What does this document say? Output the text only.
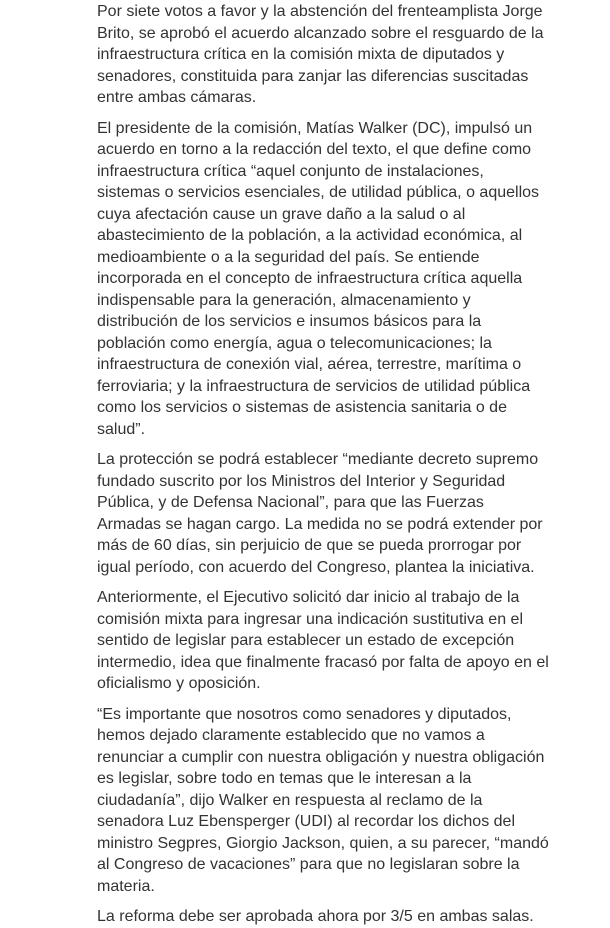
Por siete votos a favor y la abstención del frenteamplista Jorge Brito, se aprobó el acuerdo alcanzado sobre el resguardo de la infraestructura crítica en la comisión mixta de diputados y senadores, constituida para zanjar las diferencias suscitadas entre ambas cámaras.

El presidente de la comisión, Matías Walker (DC), impulsó un acuerdo en torno a la redacción del texto, el que define como infraestructura crítica “aquel conjunto de instalaciones, sistemas o servicios esenciales, de utilidad pública, o aquellos cuya afectación cause un grave daño a la salud o al abastecimiento de la población, a la actividad económica, al medioambiente o a la seguridad del país. Se entiende incorporada en el concepto de infraestructura crítica aquella indispensable para la generación, almacenamiento y distribución de los servicios e insumos básicos para la población como energía, agua o telecomunicaciones; la infraestructura de conexión vial, aérea, terrestre, marítima o ferroviaria; y la infraestructura de servicios de utilidad pública como los servicios o sistemas de asistencia sanitaria o de salud”.

La protección se podrá establecer “mediante decreto supremo fundado suscrito por los Ministros del Interior y Seguridad Pública, y de Defensa Nacional”, para que las Fuerzas Armadas se hagan cargo. La medida no se podrá extender por más de 60 días, sin perjuicio de que se pueda prorrogar por igual período, con acuerdo del Congreso, plantea la iniciativa.

Anteriormente, el Ejecutivo solicitó dar inicio al trabajo de la comisión mixta para ingresar una indicación sustitutiva en el sentido de legislar para establecer un estado de excepción intermedio, idea que finalmente fracasó por falta de apoyo en el oficialismo y oposición.

“Es importante que nosotros como senadores y diputados, hemos dejado claramente establecido que no vamos a renunciar a cumplir con nuestra obligación y nuestra obligación es legislar, sobre todo en temas que le interesan a la ciudadanía”, dijo Walker en respuesta al reclamo de la senadora Luz Ebensperger (UDI) al recordar los dichos del ministro Segpres, Giorgio Jackson, quien, a su parecer, “mandó al Congreso de vacaciones” para que no legislaran sobre la materia.

La reforma debe ser aprobada ahora por 3/5 en ambas salas.
